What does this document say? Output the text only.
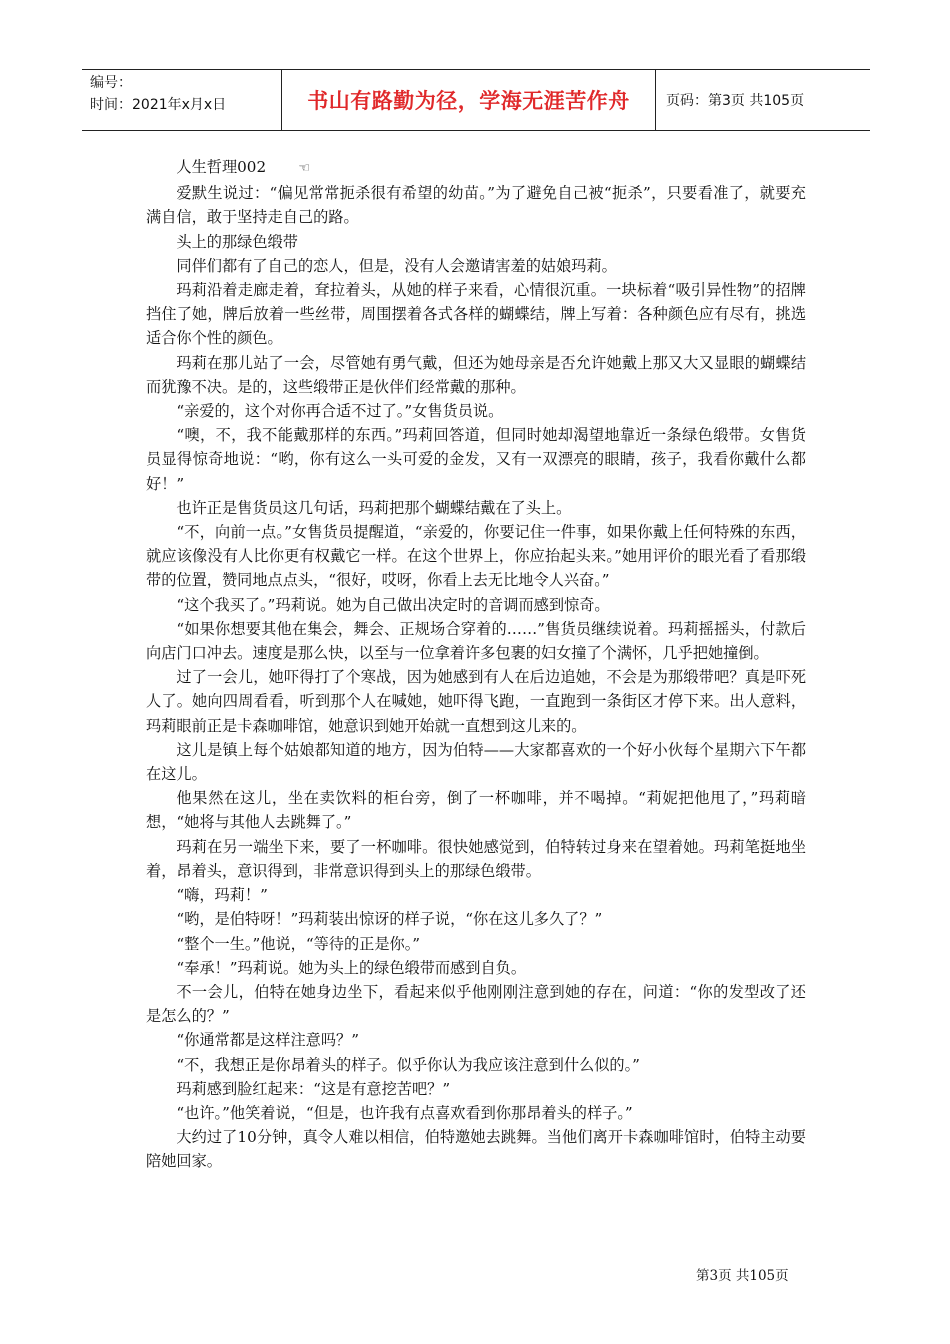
编号：
时间：2021年x月x日	书山有路勤为径，学海无涯苦作舟	页码：第3页 共105页

人生哲理002 ☜

爱默生说过：“偏见常常扼杀很有希望的幼苗。”为了避免自己被“扼杀”，只要看准了，就要充满自信，敢于坚持走自己的路。

头上的那绿色缎带

同伴们都有了自己的恋人，但是，没有人会邀请害羞的姑娘玛莉。

玛莉沿着走廊走着，耷拉着头，从她的样子来看，心情很沉重。一块标着“吸引异性物”的招牌挡住了她，牌后放着一些丝带，周围摆着各式各样的蝴蝶结，牌上写着：各种颜色应有尽有，挑选适合你个性的颜色。

玛莉在那儿站了一会，尽管她有勇气戴，但还为她母亲是否允许她戴上那又大又显眼的蝴蝶结而犹豫不决。是的，这些缎带正是伙伴们经常戴的那种。

“亲爱的，这个对你再合适不过了。”女售货员说。

“噢，不，我不能戴那样的东西。”玛莉回答道，但同时她却渴望地靠近一条绿色缎带。女售货员显得惊奇地说：“哟，你有这么一头可爱的金发，又有一双漂亮的眼睛，孩子，我看你戴什么都好！”

也许正是售货员这几句话，玛莉把那个蝴蝶结戴在了头上。

“不，向前一点。”女售货员提醒道，“亲爱的，你要记住一件事，如果你戴上任何特殊的东西，就应该像没有人比你更有权戴它一样。在这个世界上，你应抬起头来。”她用评价的眼光看了看那缎带的位置，赞同地点点头，“很好，哎呀，你看上去无比地令人兴奋。”

“这个我买了。”玛莉说。她为自己做出决定时的音调而感到惊奇。

“如果你想要其他在集会，舞会、正规场合穿着的……”售货员继续说着。玛莉摇摇头，付款后向店门口冲去。速度是那么快，以至与一位拿着许多包裹的妇女撞了个满怀，几乎把她撞倒。

过了一会儿，她吓得打了个寒战，因为她感到有人在后边追她，不会是为那缎带吧？真是吓死人了。她向四周看看，听到那个人在喊她，她吓得飞跑，一直跑到一条街区才停下来。出人意料，玛莉眼前正是卡森咖啡馆，她意识到她开始就一直想到这儿来的。

这儿是镇上每个姑娘都知道的地方，因为伯特——大家都喜欢的一个好小伙每个星期六下午都在这儿。

他果然在这儿，坐在卖饮料的柜台旁，倒了一杯咖啡，并不喝掉。“莉妮把他甩了，”玛莉暗想，“她将与其他人去跳舞了。”

玛莉在另一端坐下来，要了一杯咖啡。很快她感觉到，伯特转过身来在望着她。玛莉笔挺地坐着，昂着头，意识得到，非常意识得到头上的那绿色缎带。

“嗨，玛莉！”

“哟，是伯特呀！”玛莉装出惊讶的样子说，“你在这儿多久了？”

“整个一生。”他说，“等待的正是你。”

“奉承！”玛莉说。她为头上的绿色缎带而感到自负。

不一会儿，伯特在她身边坐下，看起来似乎他刚刚注意到她的存在，问道：“你的发型改了还是怎么的？”

“你通常都是这样注意吗？”

“不，我想正是你昂着头的样子。似乎你认为我应该注意到什么似的。”

玛莉感到脸红起来：“这是有意挖苦吧？”

“也许。”他笑着说，“但是，也许我有点喜欢看到你那昂着头的样子。”

大约过了10分钟，真令人难以相信，伯特邀她去跳舞。当他们离开卡森咖啡馆时，伯特主动要陪她回家。

第3页 共105页
